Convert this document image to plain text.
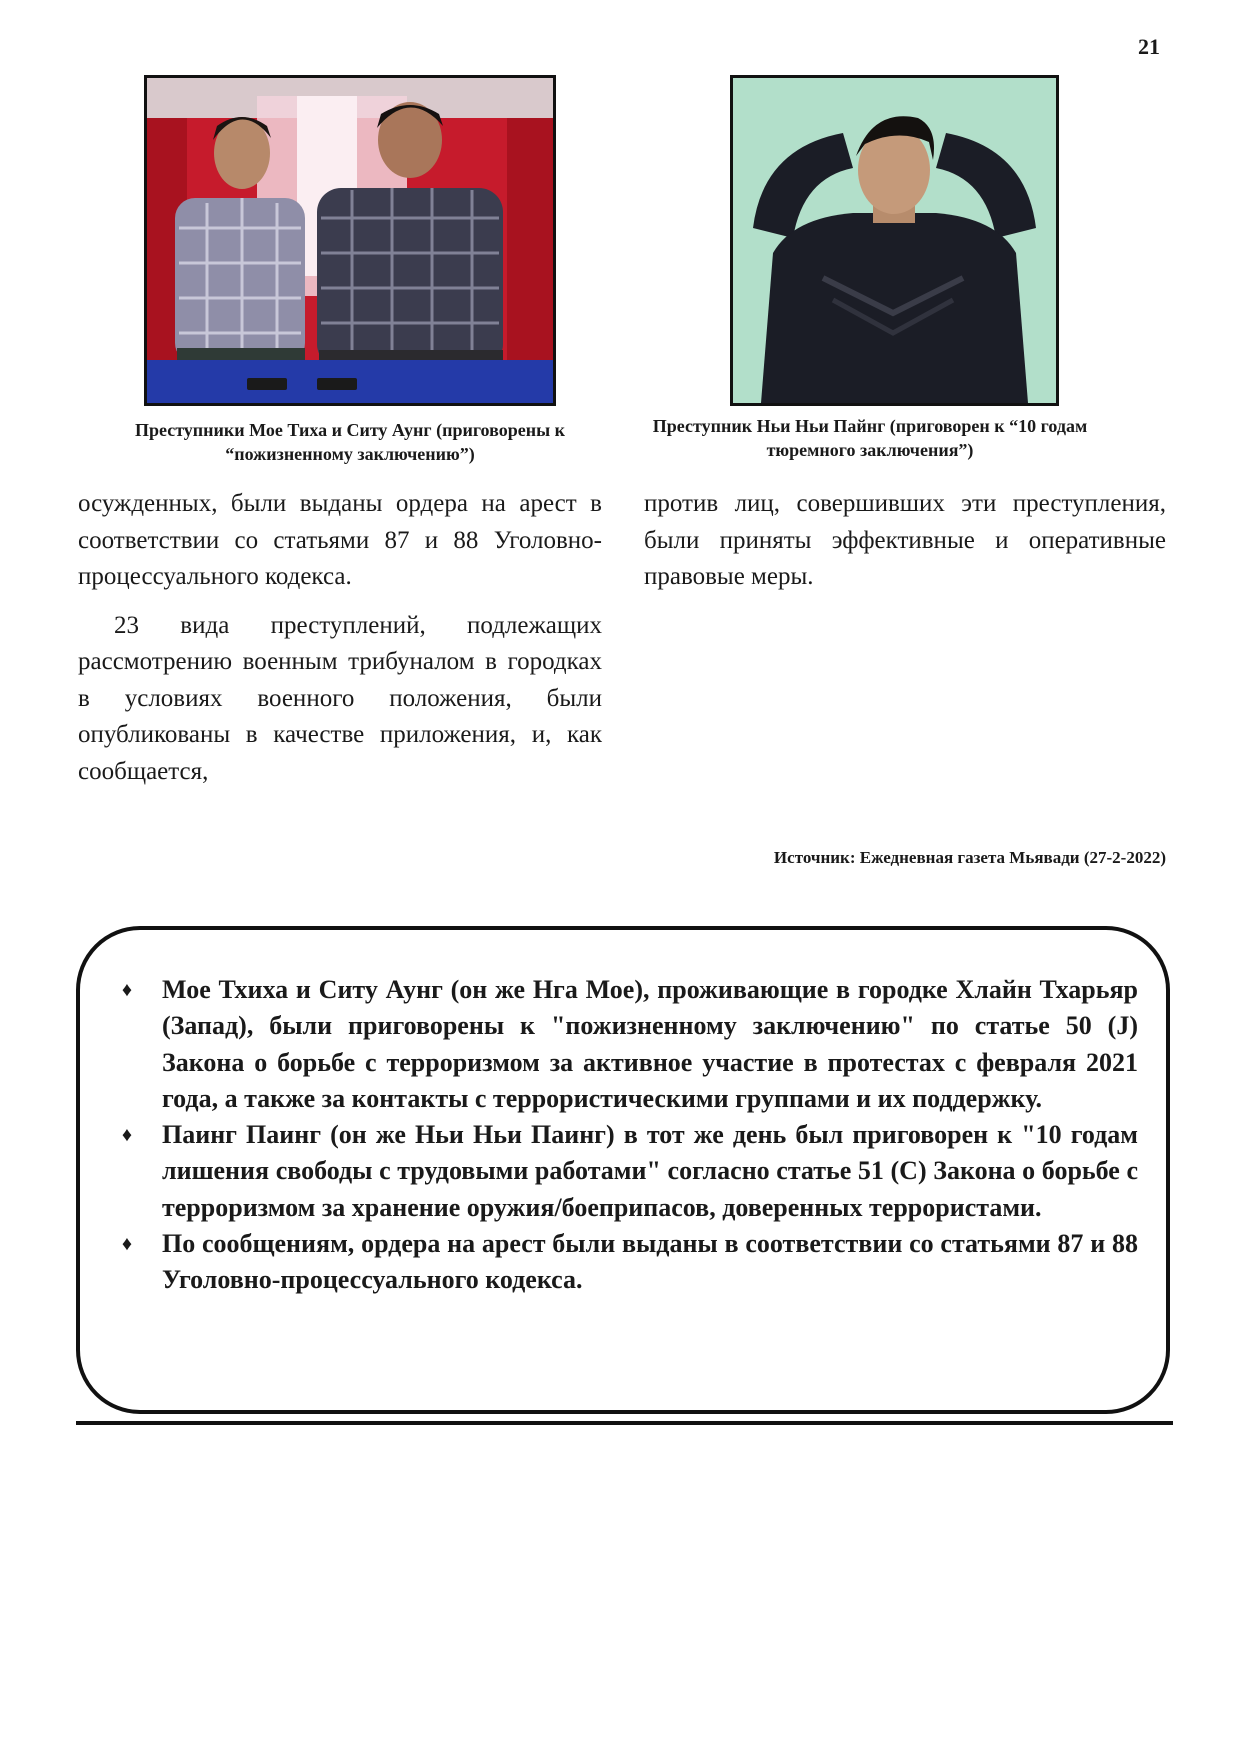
21
Преступники Мое Тиха и Ситу Аунг (приговорены к “пожизненному заключению”)
Преступник Ньи Ньи Пайнг (приговорен к “10 годам тюремного заключения”)

осужденных, были выданы ордера на арест в соответствии со статьями 87 и 88 Уголовно-процессуального кодекса.

23 вида преступлений, подлежащих рассмотрению военным трибуналом в городках в условиях военного положения, были опубликованы в качестве приложения, и, как сообщается,

против лиц, совершивших эти преступления, были приняты эффективные и оперативные правовые меры.

Источник: Ежедневная газета Мьявади (27-2-2022)
♦	Мое Тхиха и Ситу Аунг (он же Нга Мое), проживающие в городке Хлайн Тхарьяр (Запад), были приговорены к "пожизненному заключению" по статье 50 (J) Закона о борьбе с терроризмом за активное участие в протестах с февраля 2021 года, а также за контакты с террористическими группами и их поддержку.
♦	Паинг Паинг (он же Ньи Ньи Паинг) в тот же день был приговорен к "10 годам лишения свободы с трудовыми работами" согласно статье 51 (С) Закона о борьбе с терроризмом за хранение оружия/боеприпасов, доверенных террористами.
♦	По сообщениям, ордера на арест были выданы в соответствии со статьями 87 и 88 Уголовно-процессуального кодекса.
